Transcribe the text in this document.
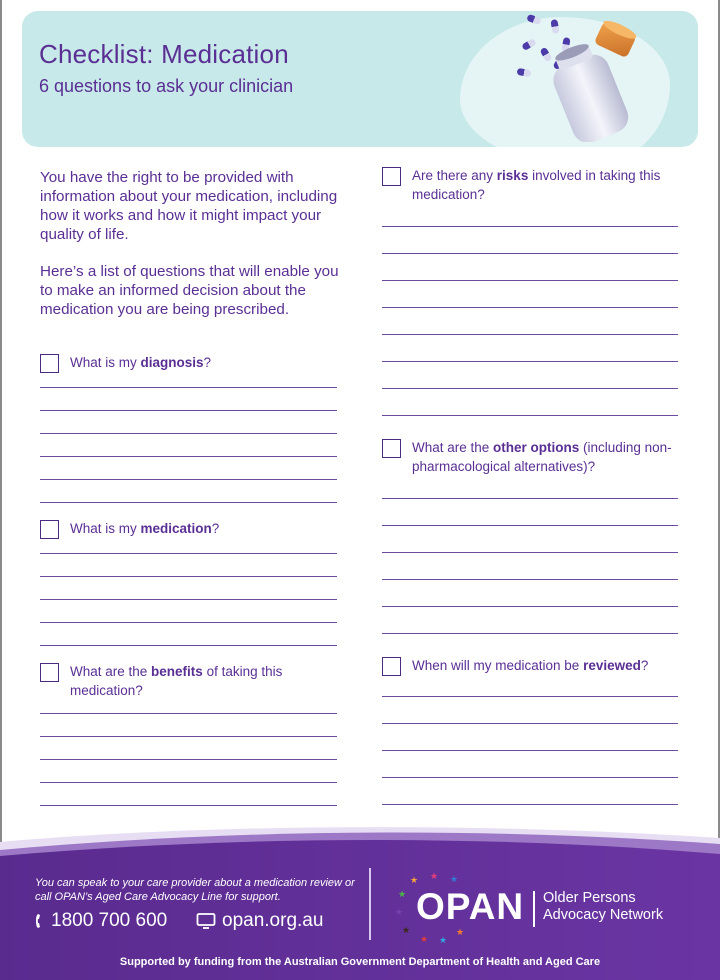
Checklist: Medication
6 questions to ask your clinician

You have the right to be provided with information about your medication, including how it works and how it might impact your quality of life.

Here’s a list of questions that will enable you to make an informed decision about the medication you are being prescribed.

What is my diagnosis?
What is my medication?
What are the benefits of taking this medication?
Are there any risks involved in taking this medication?
What are the other options (including non-pharmacological alternatives)?
When will my medication be reviewed?

You can speak to your care provider about a medication review or call OPAN’s Aged Care Advocacy Line for support.

1800 700 600	opan.org.au
★ ★ ★
★
★
★
★ ★
★
OPAN Older Persons
Advocacy Network
Supported by funding from the Australian Government Department of Health and Aged Care
